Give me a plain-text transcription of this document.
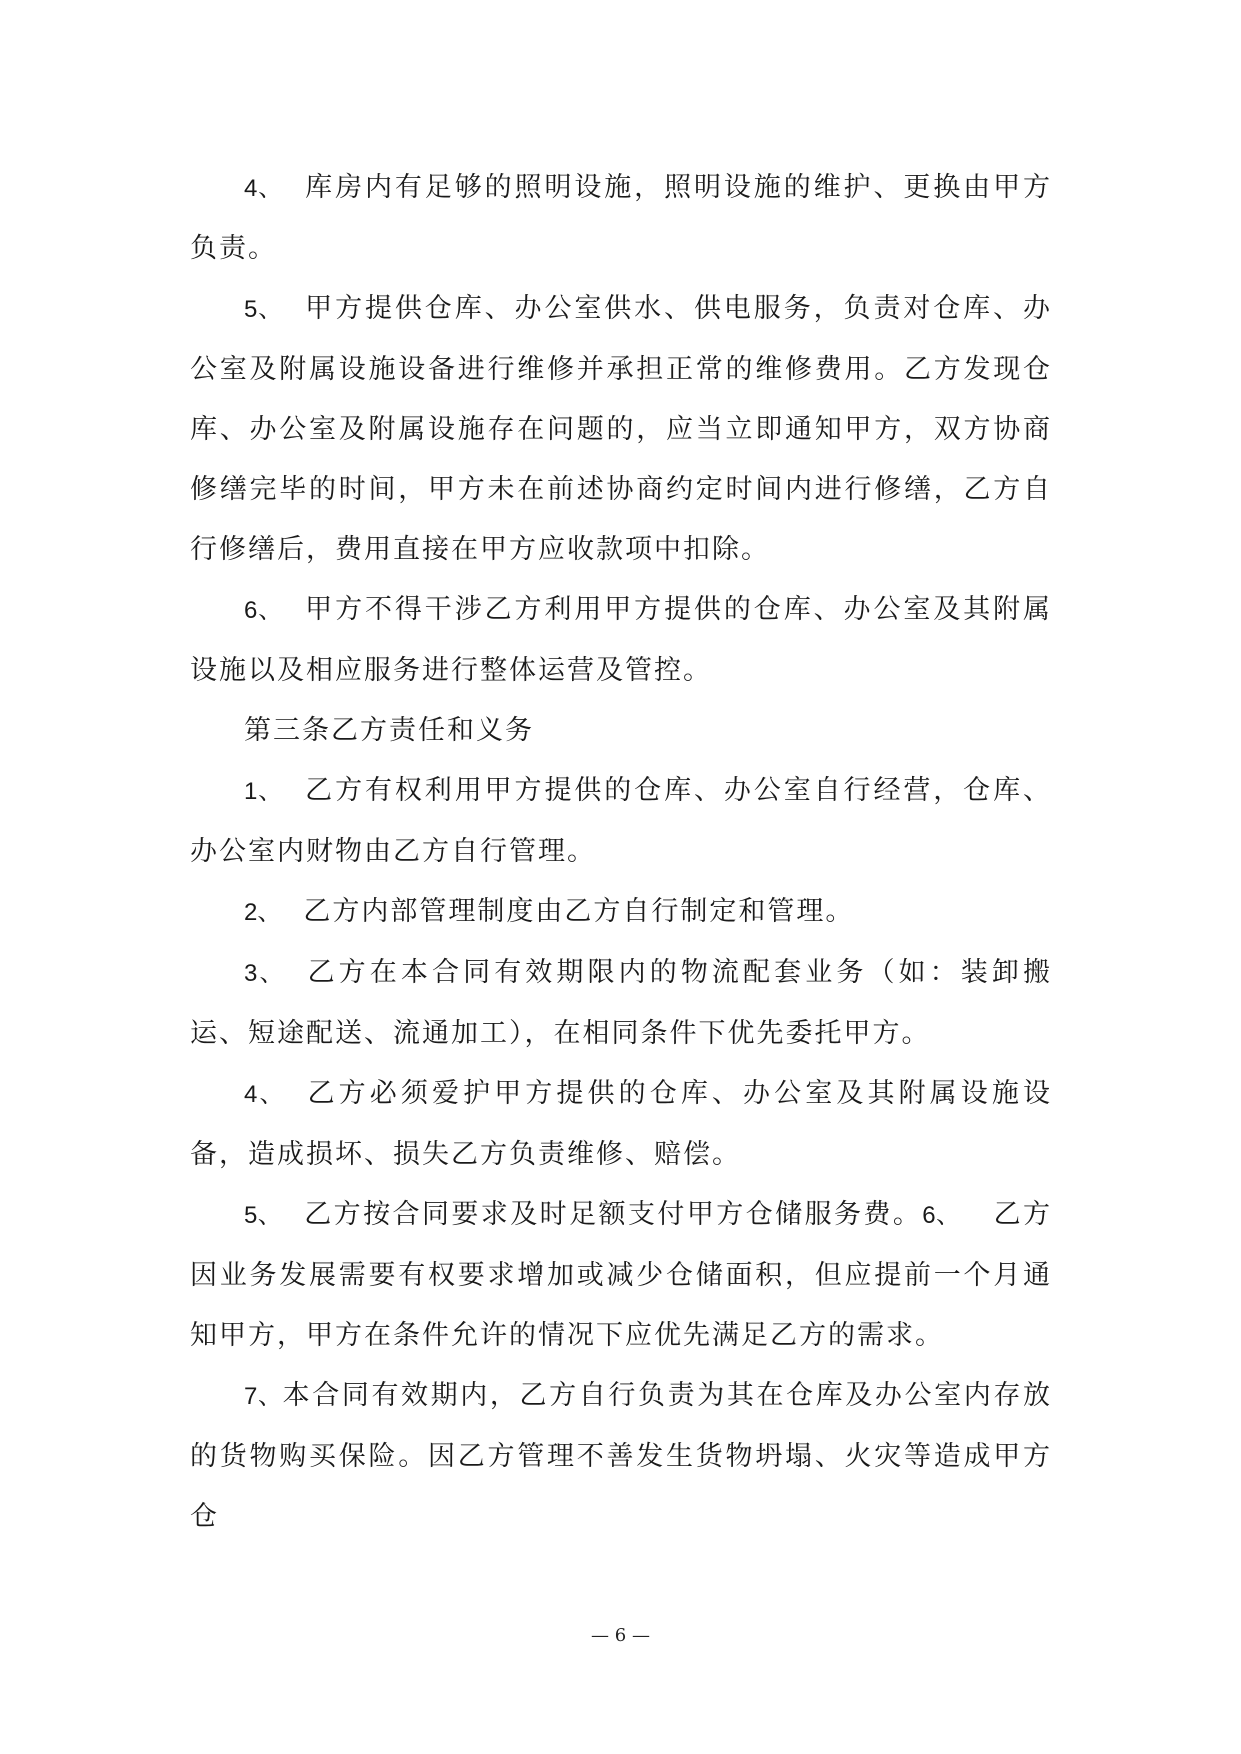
4、 库房内有足够的照明设施，照明设施的维护、更换由甲方负责。

5、 甲方提供仓库、办公室供水、供电服务，负责对仓库、办公室及附属设施设备进行维修并承担正常的维修费用。乙方发现仓库、办公室及附属设施存在问题的，应当立即通知甲方，双方协商修缮完毕的时间，甲方未在前述协商约定时间内进行修缮，乙方自行修缮后，费用直接在甲方应收款项中扣除。

6、 甲方不得干涉乙方利用甲方提供的仓库、办公室及其附属设施以及相应服务进行整体运营及管控。

第三条乙方责任和义务

1、 乙方有权利用甲方提供的仓库、办公室自行经营，仓库、办公室内财物由乙方自行管理。

2、 乙方内部管理制度由乙方自行制定和管理。

3、 乙方在本合同有效期限内的物流配套业务（如：装卸搬运、短途配送、流通加工），在相同条件下优先委托甲方。

4、 乙方必须爱护甲方提供的仓库、办公室及其附属设施设备，造成损坏、损失乙方负责维修、赔偿。

5、 乙方按合同要求及时足额支付甲方仓储服务费。6、 乙方因业务发展需要有权要求增加或减少仓储面积，但应提前一个月通知甲方，甲方在条件允许的情况下应优先满足乙方的需求。

7、本合同有效期内，乙方自行负责为其在仓库及办公室内存放的货物购买保险。因乙方管理不善发生货物坍塌、火灾等造成甲方仓

— 6 —
